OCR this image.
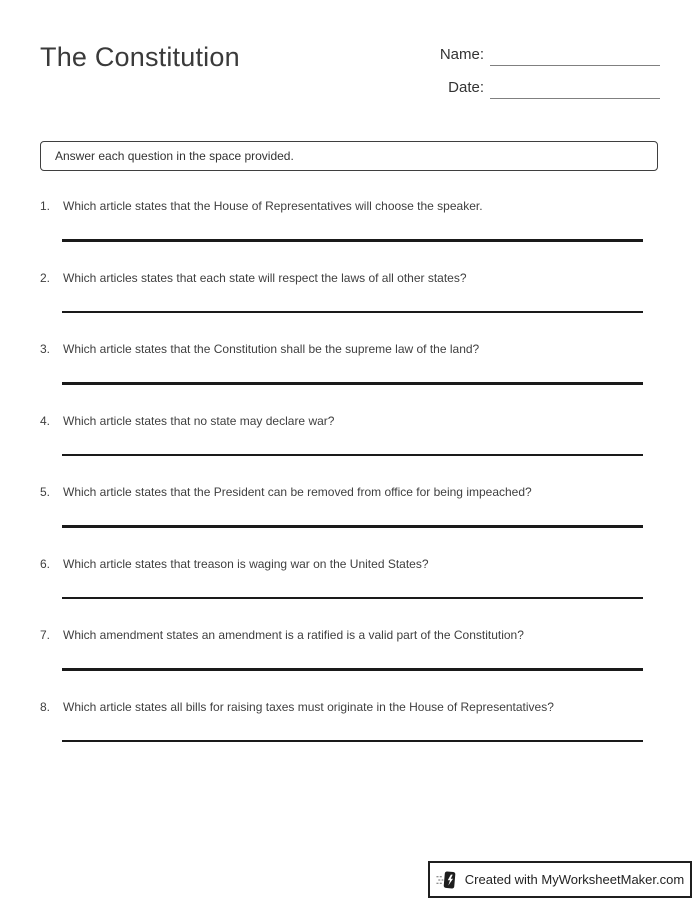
The Constitution	Name:
Date:
Answer each question in the space provided.
1.	Which article states that the House of Representatives will choose the speaker.
2.	Which articles states that each state will respect the laws of all other states?
3.	Which article states that the Constitution shall be the supreme law of the land?
4.	Which article states that no state may declare war?
5.	Which article states that the President can be removed from office for being impeached?
6.	Which article states that treason is waging war on the United States?
7.	Which amendment states an amendment is a ratified is a valid part of the Constitution?
8.	Which article states all bills for raising taxes must originate in the House of Representatives?
Created with MyWorksheetMaker.com
